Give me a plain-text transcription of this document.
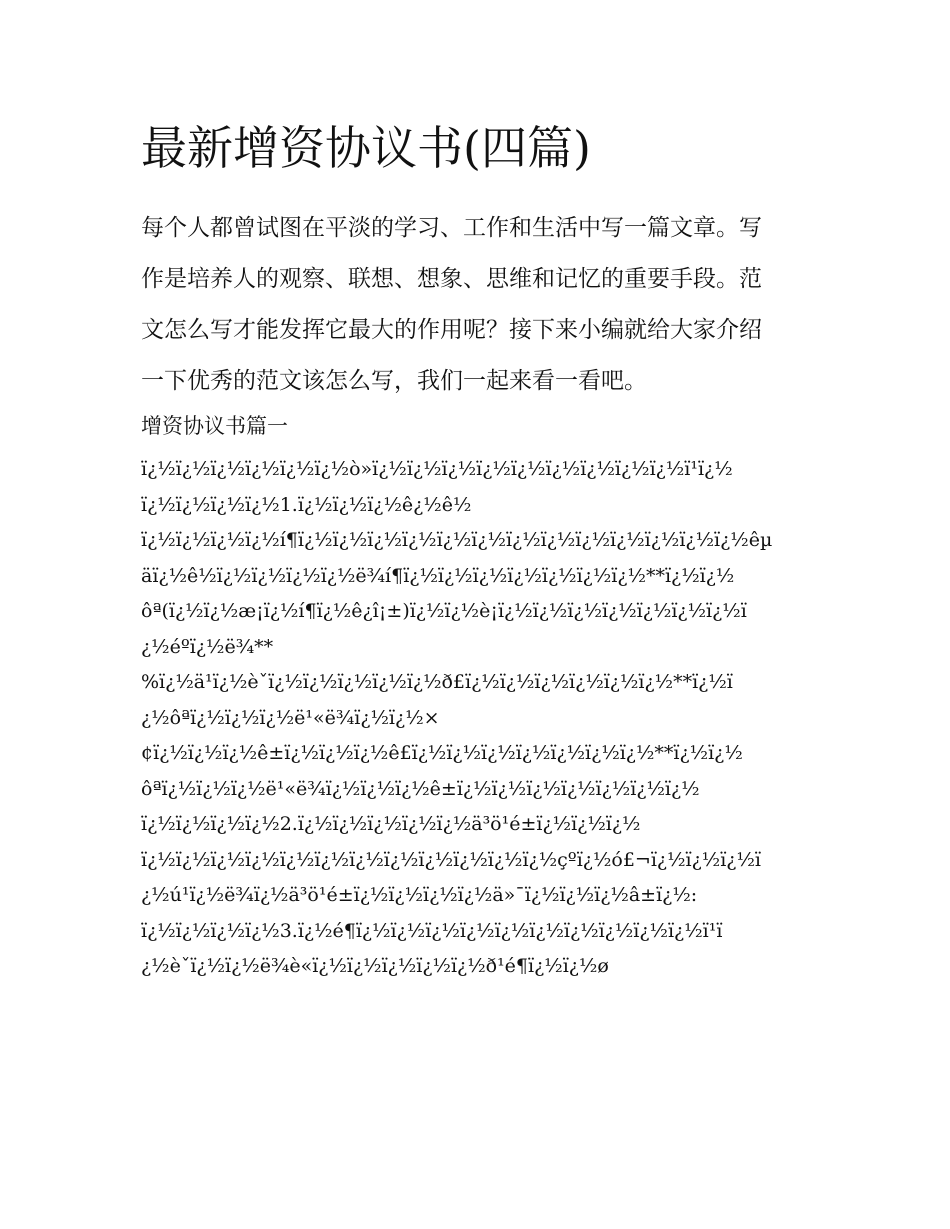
最新增资协议书(四篇)
每个人都曾试图在平淡的学习、工作和生活中写一篇文章。写
作是培养人的观察、联想、想象、思维和记忆的重要手段。范
文怎么写才能发挥它最大的作用呢？接下来小编就给大家介绍
一下优秀的范文该怎么写，我们一起来看一看吧。
增资协议书篇一
ï¿½ï¿½ï¿½ï¿½ï¿½ï¿½ò»ï¿½ï¿½ï¿½ï¿½ï¿½ï¿½ï¿½ï¿½ï¿½ï¹ï¿½
ï¿½ï¿½ï¿½ï¿½1.ï¿½ï¿½ï¿½ê¿½ê½
ï¿½ï¿½ï¿½ï¿½í¶ï¿½ï¿½ï¿½ï¿½ï¿½ï¿½ï¿½ï¿½ï¿½ï¿½ï¿½ï¿½ï¿½êµ
äï¿½ê½ï¿½ï¿½ï¿½ï¿½ë¾í¶ï¿½ï¿½ï¿½ï¿½ï¿½ï¿½ï¿½**ï¿½ï¿½
ôª(ï¿½ï¿½æ¡ï¿½í¶ï¿½ê¿î¡±)ï¿½ï¿½è¡ï¿½ï¿½ï¿½ï¿½ï¿½ï¿½ï¿½ï
¿½éºï¿½ë¾**
%ï¿½ä¹ï¿½èˇï¿½ï¿½ï¿½ï¿½ï¿½ð£ï¿½ï¿½ï¿½ï¿½ï¿½ï¿½**ï¿½ï
¿½ôªï¿½ï¿½ï¿½ë¹«ë¾ï¿½ï¿½×
¢ï¿½ï¿½ï¿½ê±ï¿½ï¿½ï¿½ê£ï¿½ï¿½ï¿½ï¿½ï¿½ï¿½ï¿½**ï¿½ï¿½
ôªï¿½ï¿½ï¿½ë¹«ë¾ï¿½ï¿½ï¿½ê±ï¿½ï¿½ï¿½ï¿½ï¿½ï¿½ï¿½
ï¿½ï¿½ï¿½ï¿½2.ï¿½ï¿½ï¿½ï¿½ï¿½ä³ö¹é±ï¿½ï¿½ï¿½
ï¿½ï¿½ï¿½ï¿½ï¿½ï¿½ï¿½ï¿½ï¿½ï¿½ï¿½ï¿½çºï¿½ó£¬ï¿½ï¿½ï¿½ï
¿½ú¹ï¿½ë¾ï¿½ä³ö¹é±ï¿½ï¿½ï¿½ï¿½ä»¯ï¿½ï¿½ï¿½â±ï¿½:
ï¿½ï¿½ï¿½ï¿½3.ï¿½é¶ï¿½ï¿½ï¿½ï¿½ï¿½ï¿½ï¿½ï¿½ï¿½ï¿½ï¹ï
¿½èˇï¿½ï¿½ë¾è«ï¿½ï¿½ï¿½ï¿½ï¿½ð¹é¶ï¿½ï¿½ø
